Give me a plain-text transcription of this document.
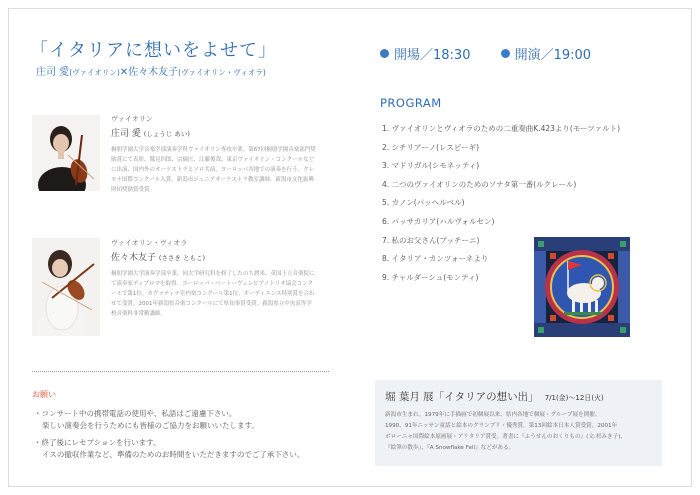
「イタリアに想いをよせて」
庄司 愛(ヴァイオリン)✕佐々木友子(ヴァイオリン・ヴィオラ)
開場／18:30	開演／19:00
ヴァイオリン
庄司 愛 (しょうじ あい)
桐朋学園大学音楽学部演奏学科ヴァイオリン専攻卒業。第67回桐朋学園音楽部門奨励賞にて表彰、鷲見四郎、宗倫匡、江藤俊哉、東京ヴァイオリン・コンクールなどに出演、国内外のオーケストラとソロ共演。ヨーロッパ各地での演奏を行う。クレモナ国際コンクール入賞、新潟市ジュニアオーケストラ教室講師。新潟市文化振興財団奨励賞受賞。
ヴァイオリン・ヴィオラ
佐々木友子 (ささき ともこ)
桐朋学園大学演奏学部卒業。同大学研究科を修了したのち渡米。英国王立音楽院にて演奏家ディプロマを取得。ヨーロッパ・ベートーヴェンピアノトリオ協会コンクールで第1位。カヴァティナ室内楽コンクール第1位、オーディエンス特別賞を合わせて受賞。2001年新潟県音楽コンクールにて県知事賞受賞。新潟県立中央高等学校音楽科非常勤講師。
PROGRAM
1. ヴァイオリンとヴィオラのための二重奏曲K.423より(モーツァルト)
2. シチリアーノ(レスピーギ)
3. マドリガル(シモネッティ)
4. 二つのヴァイオリンのためのソナタ第一番(ルクレール)
5. カノン(パッヘルベル)
6. パッサカリア(ハルヴォルセン)
7. 私のお父さん(プッチーニ)
8. イタリア・カンツォーネより
9. チャルダーシュ(モンティ)
お願い

・コンサート中の携帯電話の使用や、私語はご遠慮下さい。

楽しい演奏会を行うためにも皆様のご協力をお願いいたします。

・終了後にレセプションを行います。

イスの撤収作業など、準備のためのお時間をいただきますのでご了承下さい。

堀 葉月 展「イタリアの想い出」 7/1(金)〜12日(火)
新潟市生まれ。1979年に手描画で初個展以来、県内各地で個展・グループ展を開催。
1990、91年ニッサン童話と絵本のグランプリ・優秀賞。第13回絵本日本人賞受賞。2001年
ボローニャ国際絵本原画展・アリタリア賞受。著書に『ふうせんのおくりもの』(文:杉みき子)、
『絵筆の散歩』、『A Snowflake Fell』などがある。
